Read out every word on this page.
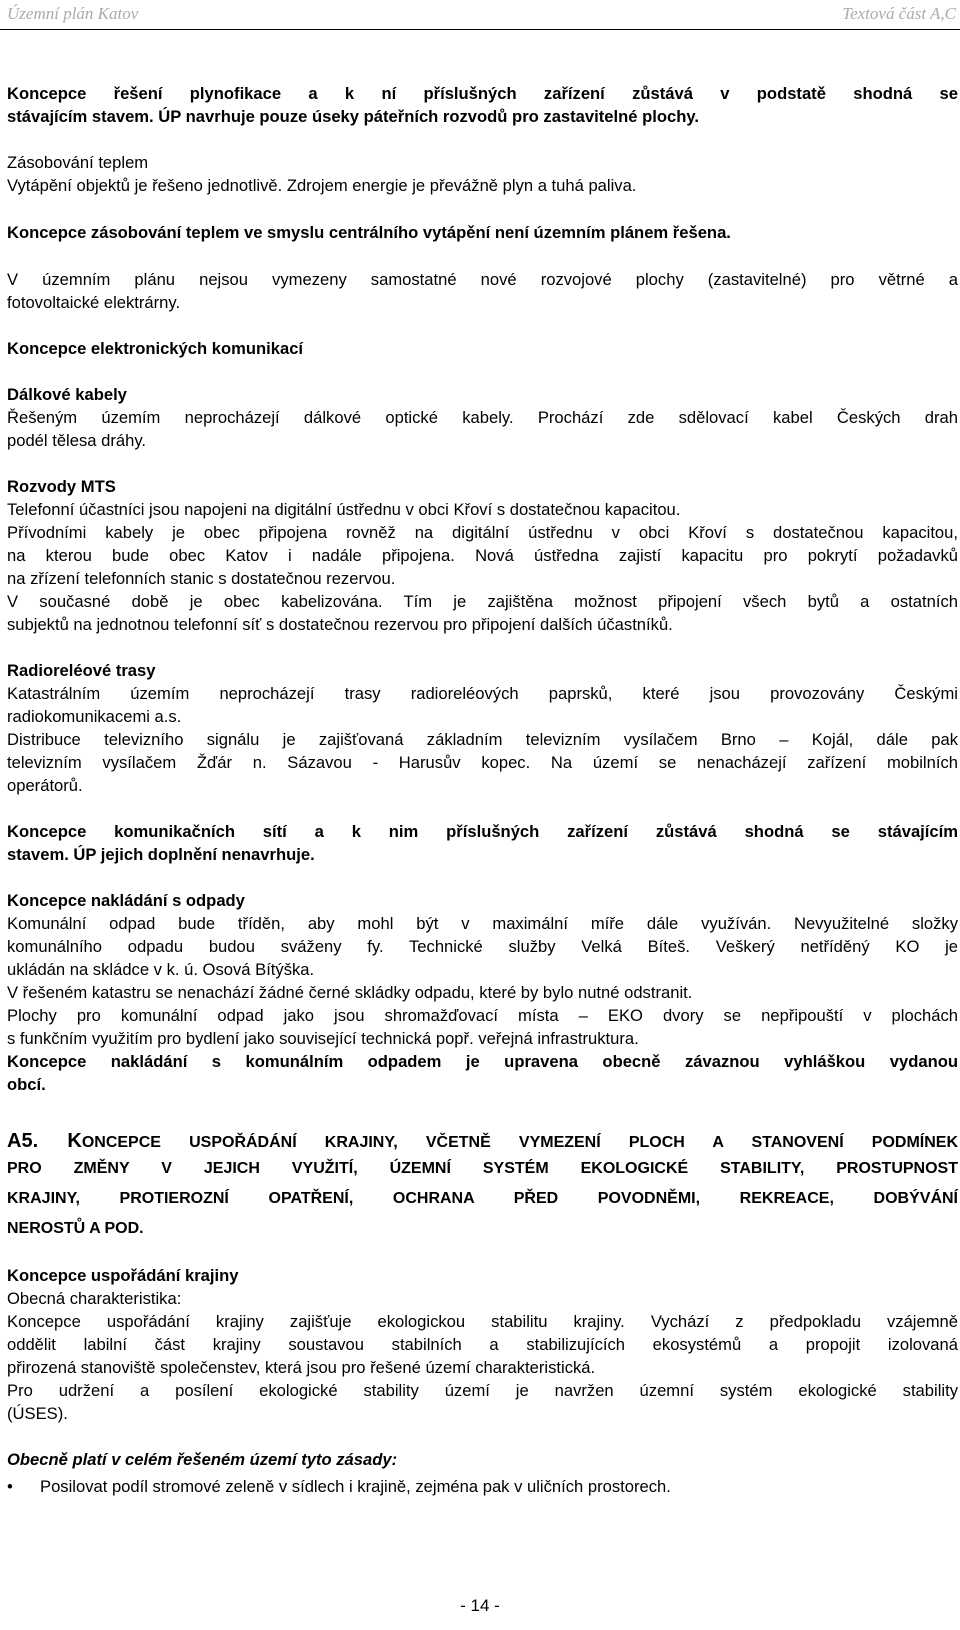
Územní plán Katov	Textová část A,C
Koncepce řešení plynofikace a k ní příslušných zařízení zůstává v podstatě shodná se
stávajícím stavem. ÚP navrhuje pouze úseky páteřních rozvodů pro zastavitelné plochy.
Zásobování teplem
Vytápění objektů je řešeno jednotlivě. Zdrojem energie je převážně plyn a tuhá paliva.
Koncepce zásobování teplem ve smyslu centrálního vytápění není územním plánem řešena.
V územním plánu nejsou vymezeny samostatné nové rozvojové plochy (zastavitelné) pro větrné a
fotovoltaické elektrárny.
Koncepce elektronických komunikací
Dálkové kabely
Řešeným územím neprocházejí dálkové optické kabely. Prochází zde sdělovací kabel Českých drah
podél tělesa dráhy.
Rozvody MTS
Telefonní účastníci jsou napojeni na digitální ústřednu v obci Křoví s dostatečnou kapacitou.
Přívodními kabely je obec připojena rovněž na digitální ústřednu v obci Křoví s dostatečnou kapacitou,
na kterou bude obec Katov i nadále připojena. Nová ústředna zajistí kapacitu pro pokrytí požadavků
na zřízení telefonních stanic s dostatečnou rezervou.
V současné době je obec kabelizována. Tím je zajištěna možnost připojení všech bytů a ostatních
subjektů na jednotnou telefonní síť s dostatečnou rezervou pro připojení dalších účastníků.
Radioreléové trasy
Katastrálním územím neprocházejí trasy radioreléových paprsků, které jsou provozovány Českými
radiokomunikacemi a.s.
Distribuce televizního signálu je zajišťovaná základním televizním vysílačem Brno – Kojál, dále pak
televizním vysílačem Žďár n. Sázavou - Harusův kopec. Na území se nenacházejí zařízení mobilních
operátorů.
Koncepce komunikačních sítí a k nim příslušných zařízení zůstává shodná se stávajícím
stavem. ÚP jejich doplnění nenavrhuje.
Koncepce nakládání s odpady
Komunální odpad bude tříděn, aby mohl být v maximální míře dále využíván. Nevyužitelné složky
komunálního odpadu budou sváženy fy. Technické služby Velká Bíteš. Veškerý netříděný KO je
ukládán na skládce v k. ú. Osová Bítýška.
V řešeném katastru se nenachází žádné černé skládky odpadu, které by bylo nutné odstranit.
Plochy pro komunální odpad jako jsou shromažďovací místa – EKO dvory se nepřipouští v plochách
s funkčním využitím pro bydlení jako související technická popř. veřejná infrastruktura.
Koncepce nakládání s komunálním odpadem je upravena obecně závaznou vyhláškou vydanou
obcí.
A5. KONCEPCE USPOŘÁDÁNÍ KRAJINY, VČETNĚ VYMEZENÍ PLOCH A STANOVENÍ PODMÍNEK
PRO ZMĚNY V JEJICH VYUŽITÍ, ÚZEMNÍ SYSTÉM EKOLOGICKÉ STABILITY, PROSTUPNOST
KRAJINY, PROTIEROZNÍ OPATŘENÍ, OCHRANA PŘED POVODNĚMI, REKREACE, DOBÝVÁNÍ
NEROSTŮ A POD.
Koncepce uspořádání krajiny
Obecná charakteristika:
Koncepce uspořádání krajiny zajišťuje ekologickou stabilitu krajiny. Vychází z předpokladu vzájemně
oddělit labilní část krajiny soustavou stabilních a stabilizujících ekosystémů a propojit izolovaná
přirozená stanoviště společenstev, která jsou pro řešené území charakteristická.
Pro udržení a posílení ekologické stability území je navržen územní systém ekologické stability
(ÚSES).
Obecně platí v celém řešeném území tyto zásady:
• Posilovat podíl stromové zeleně v sídlech i krajině, zejména pak v uličních prostorech.
- 14 -
